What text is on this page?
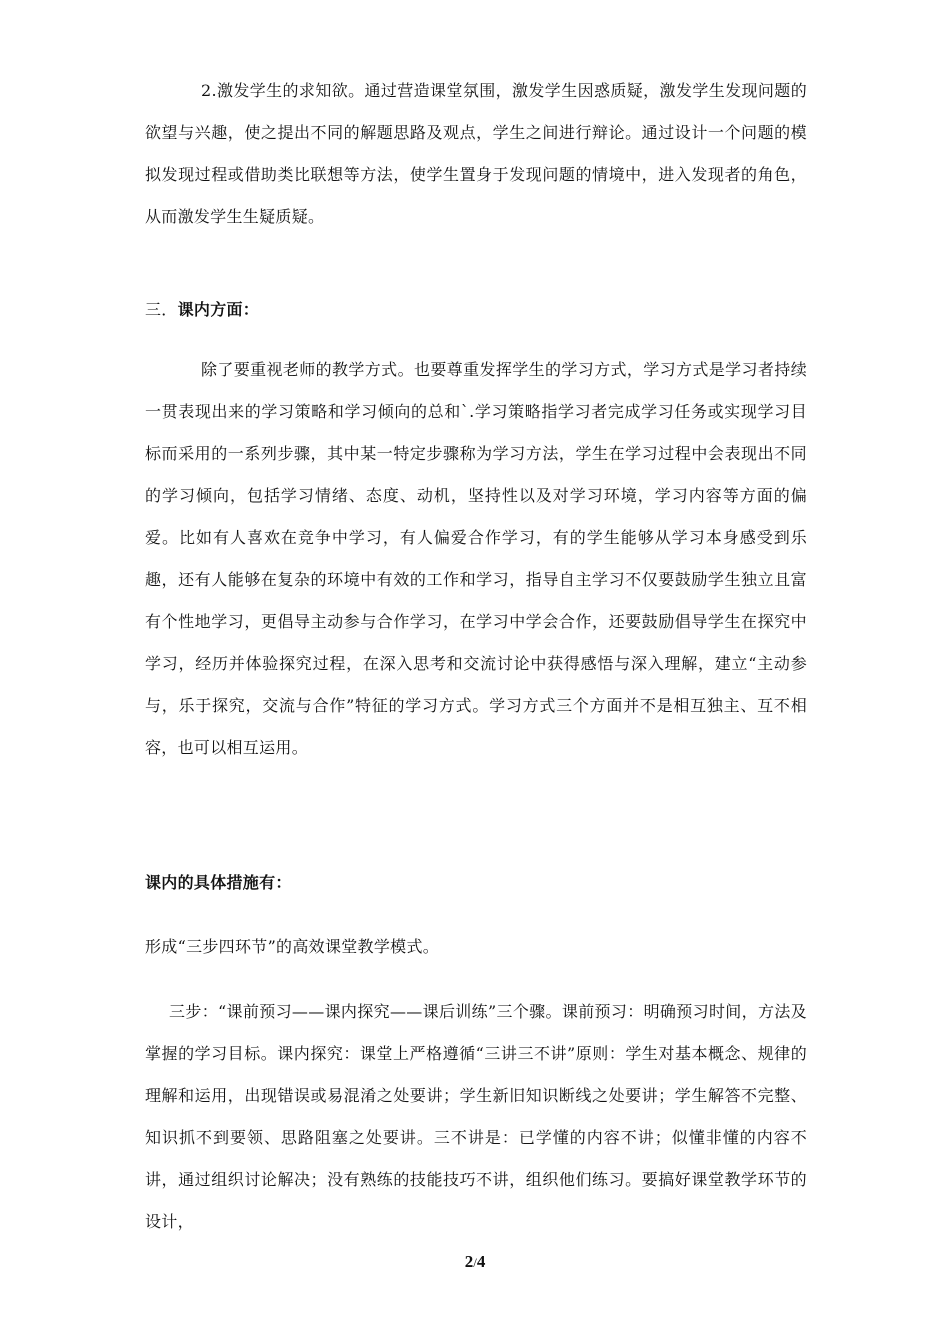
2.激发学生的求知欲。通过营造课堂氛围，激发学生因惑质疑，激发学生发现问题的欲望与兴趣，使之提出不同的解题思路及观点，学生之间进行辩论。通过设计一个问题的模拟发现过程或借助类比联想等方法，使学生置身于发现问题的情境中，进入发现者的角色，从而激发学生生疑质疑。

三．课内方面：

除了要重视老师的教学方式。也要尊重发挥学生的学习方式，学习方式是学习者持续一贯表现出来的学习策略和学习倾向的总和`.学习策略指学习者完成学习任务或实现学习目标而采用的一系列步骤，其中某一特定步骤称为学习方法，学生在学习过程中会表现出不同的学习倾向，包括学习情绪、态度、动机，坚持性以及对学习环境，学习内容等方面的偏爱。比如有人喜欢在竞争中学习，有人偏爱合作学习，有的学生能够从学习本身感受到乐趣，还有人能够在复杂的环境中有效的工作和学习，指导自主学习不仅要鼓励学生独立且富有个性地学习，更倡导主动参与合作学习，在学习中学会合作，还要鼓励倡导学生在探究中学习，经历并体验探究过程，在深入思考和交流讨论中获得感悟与深入理解，建立“主动参与，乐于探究，交流与合作”特征的学习方式。学习方式三个方面并不是相互独主、互不相容，也可以相互运用。

课内的具体措施有：

形成“三步四环节”的高效课堂教学模式。

三步：“课前预习——课内探究——课后训练”三个骤。课前预习：明确预习时间，方法及掌握的学习目标。课内探究：课堂上严格遵循“三讲三不讲”原则：学生对基本概念、规律的理解和运用，出现错误或易混淆之处要讲；学生新旧知识断线之处要讲；学生解答不完整、知识抓不到要领、思路阻塞之处要讲。三不讲是：已学懂的内容不讲；似懂非懂的内容不讲，通过组织讨论解决；没有熟练的技能技巧不讲，组织他们练习。要搞好课堂教学环节的设计，

2/4
